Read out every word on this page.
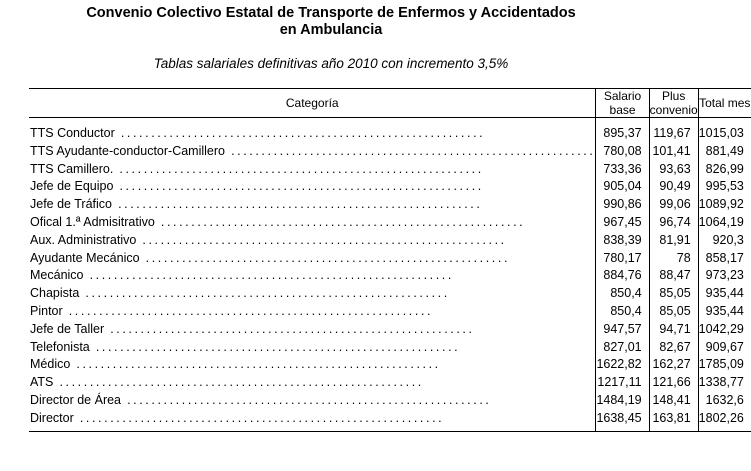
Convenio Colectivo Estatal de Transporte de Enfermos y Accidentados
en Ambulancia
Tablas salariales definitivas año 2010 con incremento 3,5%
Categoría	Salario base	Plus convenio	Total mes
TTS Conductor ............................................................	895,37	119,67	1015,03
TTS Ayudante-conductor-Camillero ............................................................	780,08	101,41	881,49
TTS Camillero. ............................................................	733,36	93,63	826,99
Jefe de Equipo ............................................................	905,04	90,49	995,53
Jefe de Tráfico ............................................................	990,86	99,06	1089,92
Ofical 1.ª Admisitrativo ............................................................	967,45	96,74	1064,19
Aux. Administrativo ............................................................	838,39	81,91	920,3
Ayudante Mecánico ............................................................	780,17	78	858,17
Mecánico ............................................................	884,76	88,47	973,23
Chapista ............................................................	850,4	85,05	935,44
Pintor ............................................................	850,4	85,05	935,44
Jefe de Taller ............................................................	947,57	94,71	1042,29
Telefonista ............................................................	827,01	82,67	909,67
Médico ............................................................	1622,82	162,27	1785,09
ATS ............................................................	1217,11	121,66	1338,77
Director de Área ............................................................	1484,19	148,41	1632,6
Director ............................................................	1638,45	163,81	1802,26
